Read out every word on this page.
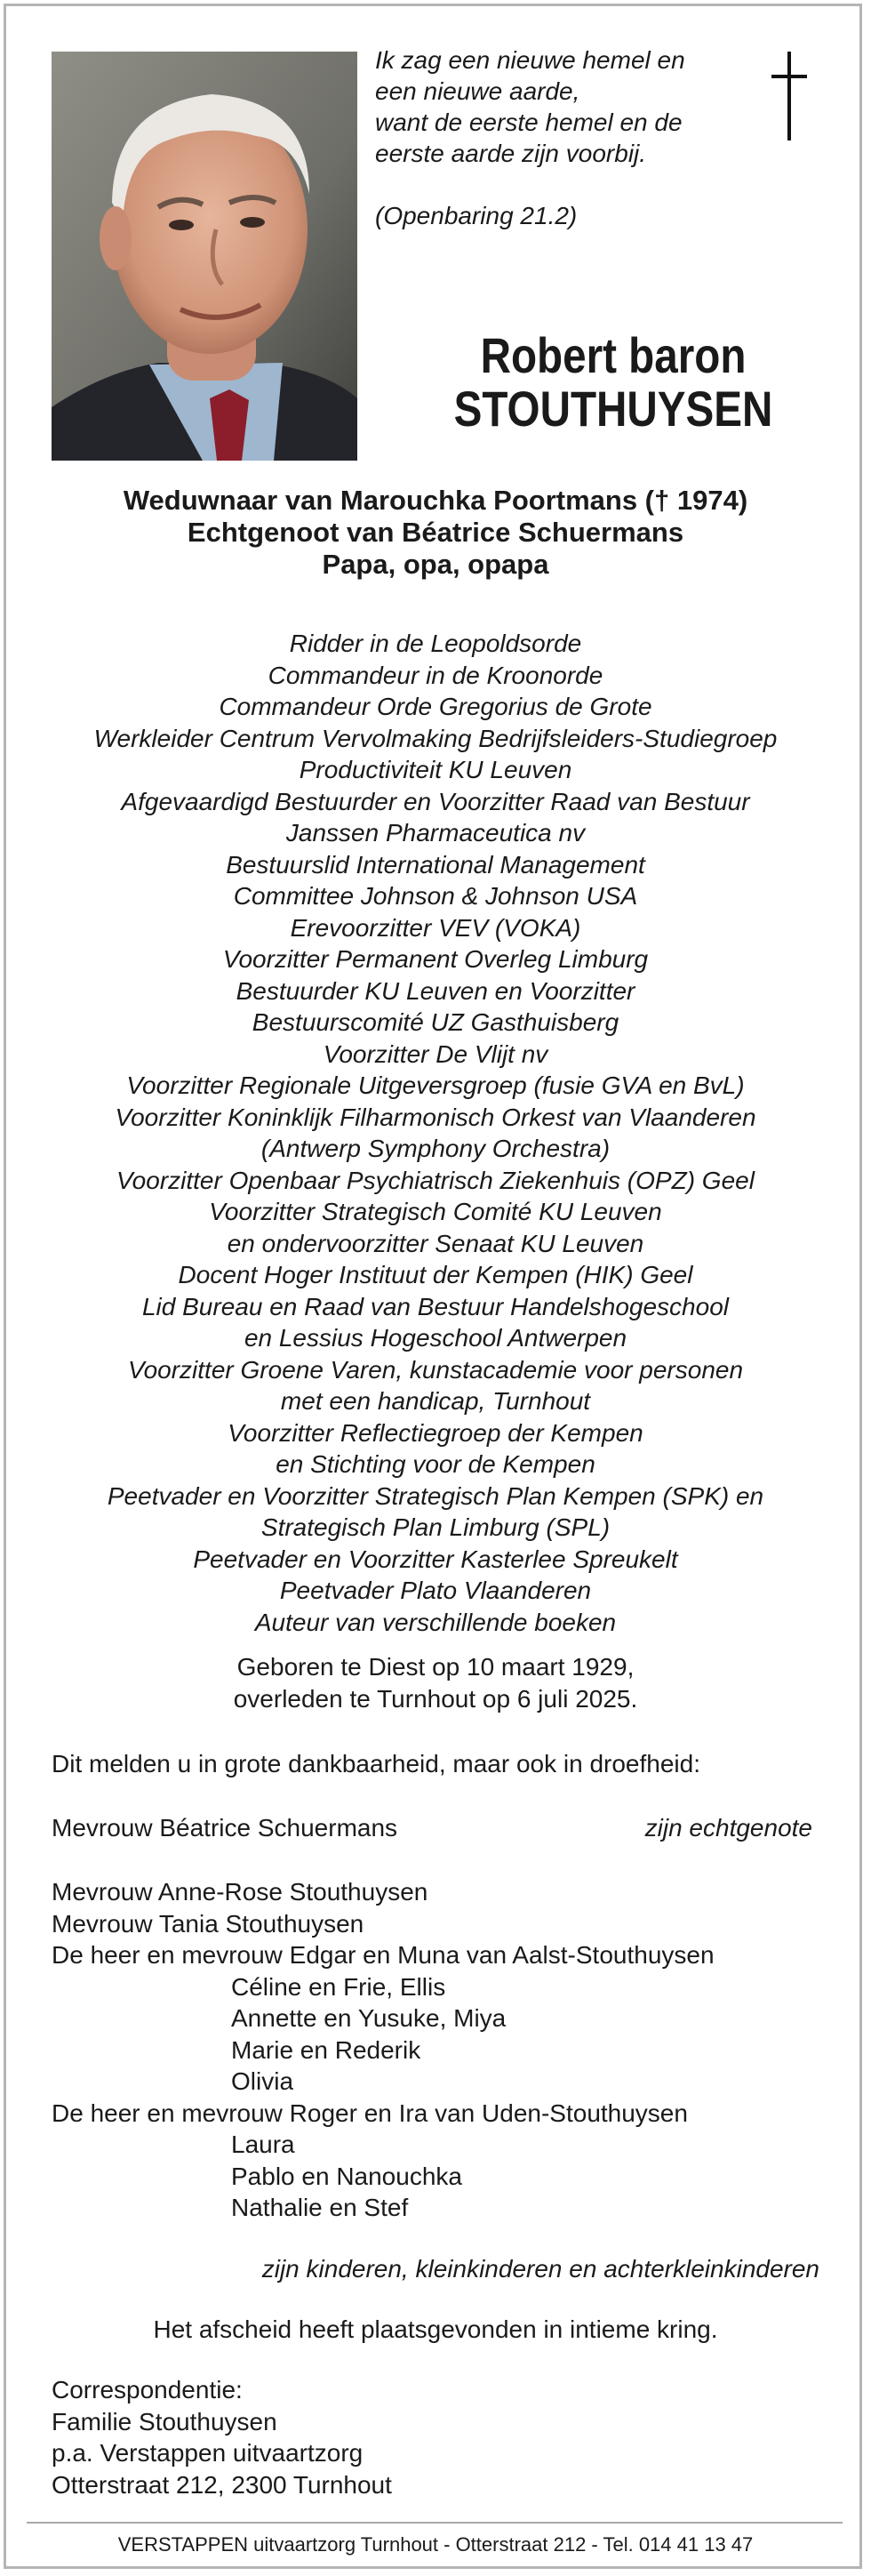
Ik zag een nieuwe hemel en
een nieuwe aarde,
want de eerste hemel en de
eerste aarde zijn voorbij.
(Openbaring 21.2)
Robert baron
STOUTHUYSEN
Weduwnaar van Marouchka Poortmans († 1974)
Echtgenoot van Béatrice Schuermans
Papa, opa, opapa
Ridder in de Leopoldsorde
Commandeur in de Kroonorde
Commandeur Orde Gregorius de Grote
Werkleider Centrum Vervolmaking Bedrijfsleiders-Studiegroep
Productiviteit KU Leuven
Afgevaardigd Bestuurder en Voorzitter Raad van Bestuur
Janssen Pharmaceutica nv
Bestuurslid International Management
Committee Johnson & Johnson USA
Erevoorzitter VEV (VOKA)
Voorzitter Permanent Overleg Limburg
Bestuurder KU Leuven en Voorzitter
Bestuurscomité UZ Gasthuisberg
Voorzitter De Vlijt nv
Voorzitter Regionale Uitgeversgroep (fusie GVA en BvL)
Voorzitter Koninklijk Filharmonisch Orkest van Vlaanderen
(Antwerp Symphony Orchestra)
Voorzitter Openbaar Psychiatrisch Ziekenhuis (OPZ) Geel
Voorzitter Strategisch Comité KU Leuven
en ondervoorzitter Senaat KU Leuven
Docent Hoger Instituut der Kempen (HIK) Geel
Lid Bureau en Raad van Bestuur Handelshogeschool
en Lessius Hogeschool Antwerpen
Voorzitter Groene Varen, kunstacademie voor personen
met een handicap, Turnhout
Voorzitter Reflectiegroep der Kempen
en Stichting voor de Kempen
Peetvader en Voorzitter Strategisch Plan Kempen (SPK) en
Strategisch Plan Limburg (SPL)
Peetvader en Voorzitter Kasterlee Spreukelt
Peetvader Plato Vlaanderen
Auteur van verschillende boeken
Geboren te Diest op 10 maart 1929,
overleden te Turnhout op 6 juli 2025.
Dit melden u in grote dankbaarheid, maar ook in droefheid:
Mevrouw Béatrice Schuermans	zijn echtgenote
Mevrouw Anne-Rose Stouthuysen
Mevrouw Tania Stouthuysen
De heer en mevrouw Edgar en Muna van Aalst-Stouthuysen
Céline en Frie, Ellis
Annette en Yusuke, Miya
Marie en Rederik
Olivia
De heer en mevrouw Roger en Ira van Uden-Stouthuysen
Laura
Pablo en Nanouchka
Nathalie en Stef
zijn kinderen, kleinkinderen en achterkleinkinderen
Het afscheid heeft plaatsgevonden in intieme kring.
Correspondentie:
Familie Stouthuysen
p.a. Verstappen uitvaartzorg
Otterstraat 212, 2300 Turnhout
VERSTAPPEN uitvaartzorg Turnhout - Otterstraat 212 - Tel. 014 41 13 47
